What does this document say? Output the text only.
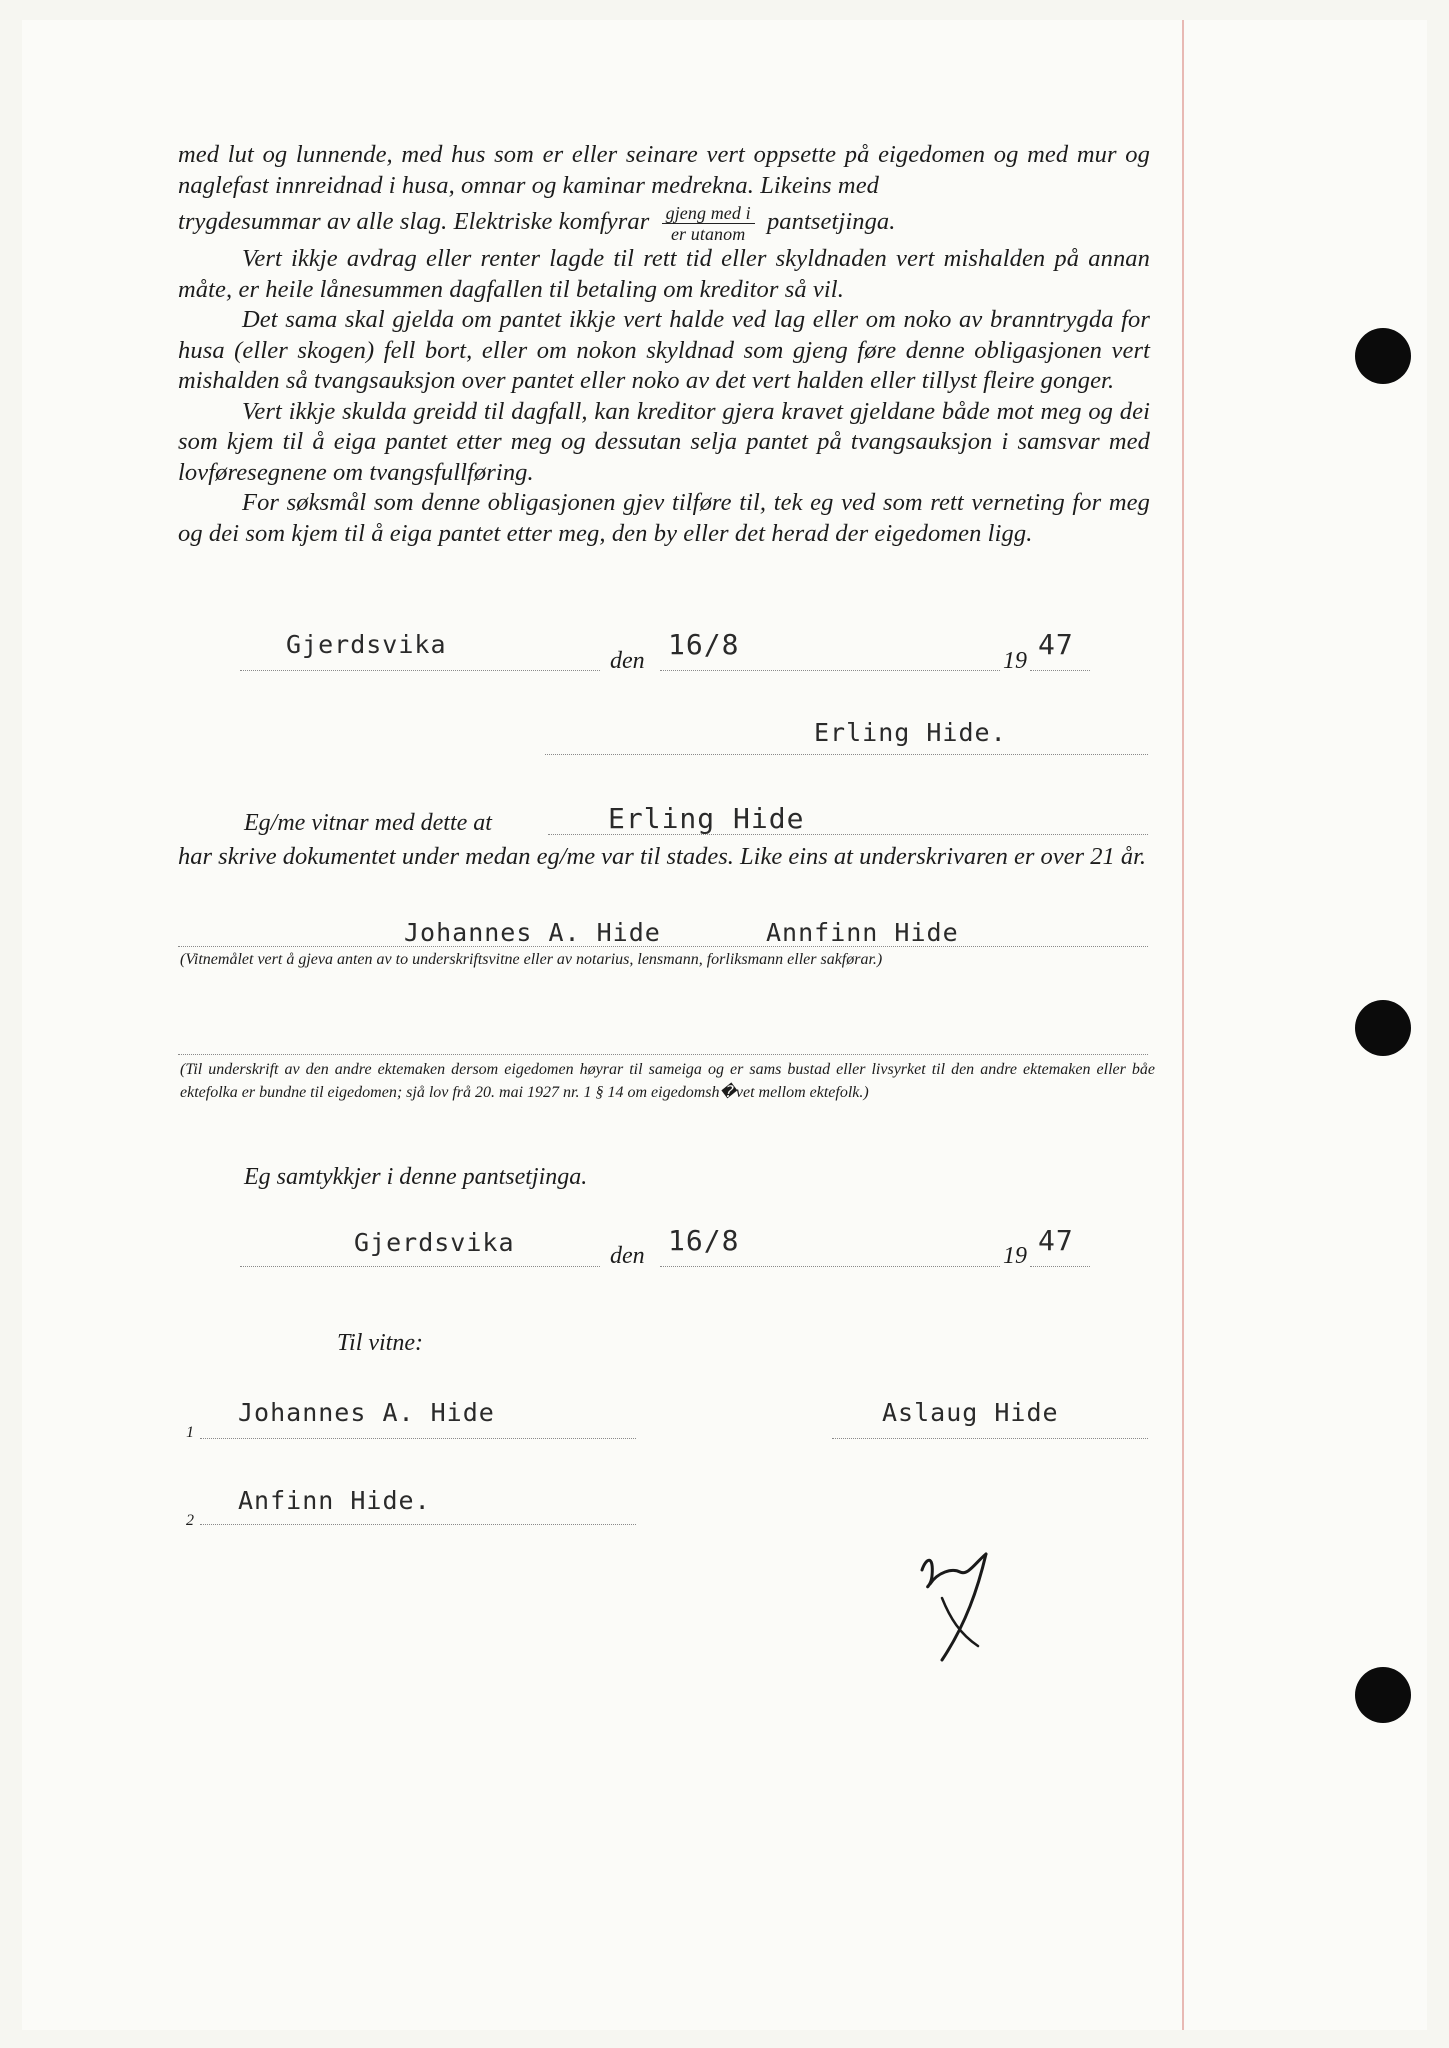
med lut og lunnende, med hus som er eller seinare vert oppsette på eigedomen og med mur og naglefast innreidnad i husa, omnar og kaminar medrekna. Likeins med

trygdesummar av alle slag. Elektriske komfyrar $\frac{\text{gjeng med i}}{\text{er utanom}}$ pantsetjinga.

Vert ikkje avdrag eller renter lagde til rett tid eller skyldnaden vert mishalden på annan måte, er heile lånesummen dagfallen til betaling om kreditor så vil.

Det sama skal gjelda om pantet ikkje vert halde ved lag eller om noko av branntrygda for husa (eller skogen) fell bort, eller om nokon skyldnad som gjeng føre denne obligasjonen vert mishalden så tvangsauksjon over pantet eller noko av det vert halden eller tillyst fleire gonger.

Vert ikkje skulda greidd til dagfall, kan kreditor gjera kravet gjeldane både mot meg og dei som kjem til å eiga pantet etter meg og dessutan selja pantet på tvangsauksjon i samsvar med lovføresegnene om tvangsfullføring.

For søksmål som denne obligasjonen gjev tilføre til, tek eg ved som rett verneting for meg og dei som kjem til å eiga pantet etter meg, den by eller det herad der eigedomen ligg.

Gjerdsvika
den 16/8	19 47
Erling Hide.
Eg/me vitnar med dette at	Erling Hide
har skrive dokumentet under medan eg/me var til stades. Like eins at underskrivaren er over 21 år.
Johannes A. Hide	Annfinn Hide
(Vitnemålet vert å gjeva anten av to underskriftsvitne eller av notarius, lensmann, forliksmann eller sakførar.)
(Til underskrift av den andre ektemaken dersom eigedomen høyrar til sameiga og er sams bustad eller livsyrket til den andre ektemaken eller båe ektefolka er bundne til eigedomen; sjå lov frå 20. mai 1927 nr. 1 § 14 om eigedomsh�vet mellom ektefolk.)
Eg samtykkjer i denne pantsetjinga.
Gjerdsvika	den 16/8	19 47
Til vitne:
1
Johannes A. Hide	Aslaug Hide
2
Anfinn Hide.
